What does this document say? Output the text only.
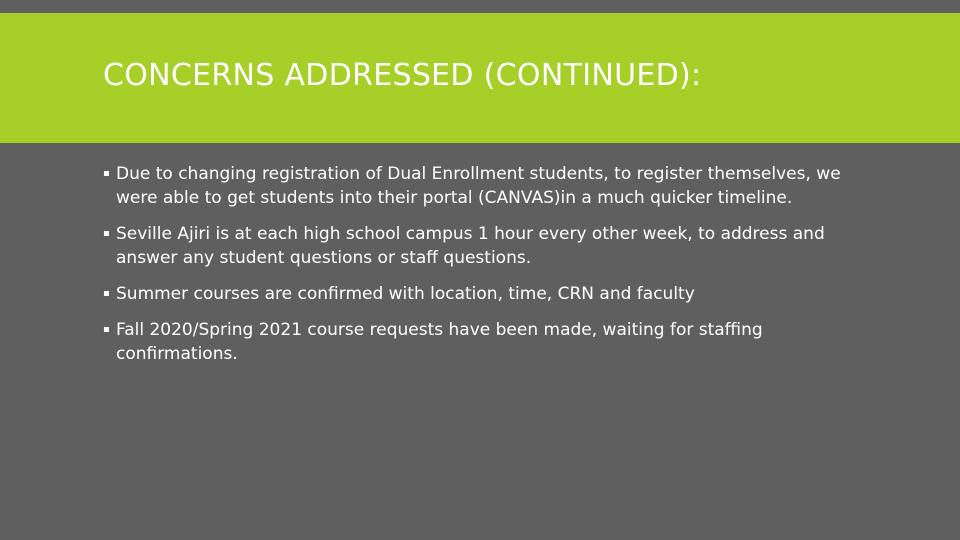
CONCERNS ADDRESSED (CONTINUED):
▪ Due to changing registration of Dual Enrollment students, to register themselves, we were able to get students into their portal (CANVAS)in a much quicker timeline.
▪ Seville Ajiri is at each high school campus 1 hour every other week, to address and answer any student questions or staff questions.
▪ Summer courses are confirmed with location, time, CRN and faculty
▪ Fall 2020/Spring 2021 course requests have been made, waiting for staffing confirmations.
